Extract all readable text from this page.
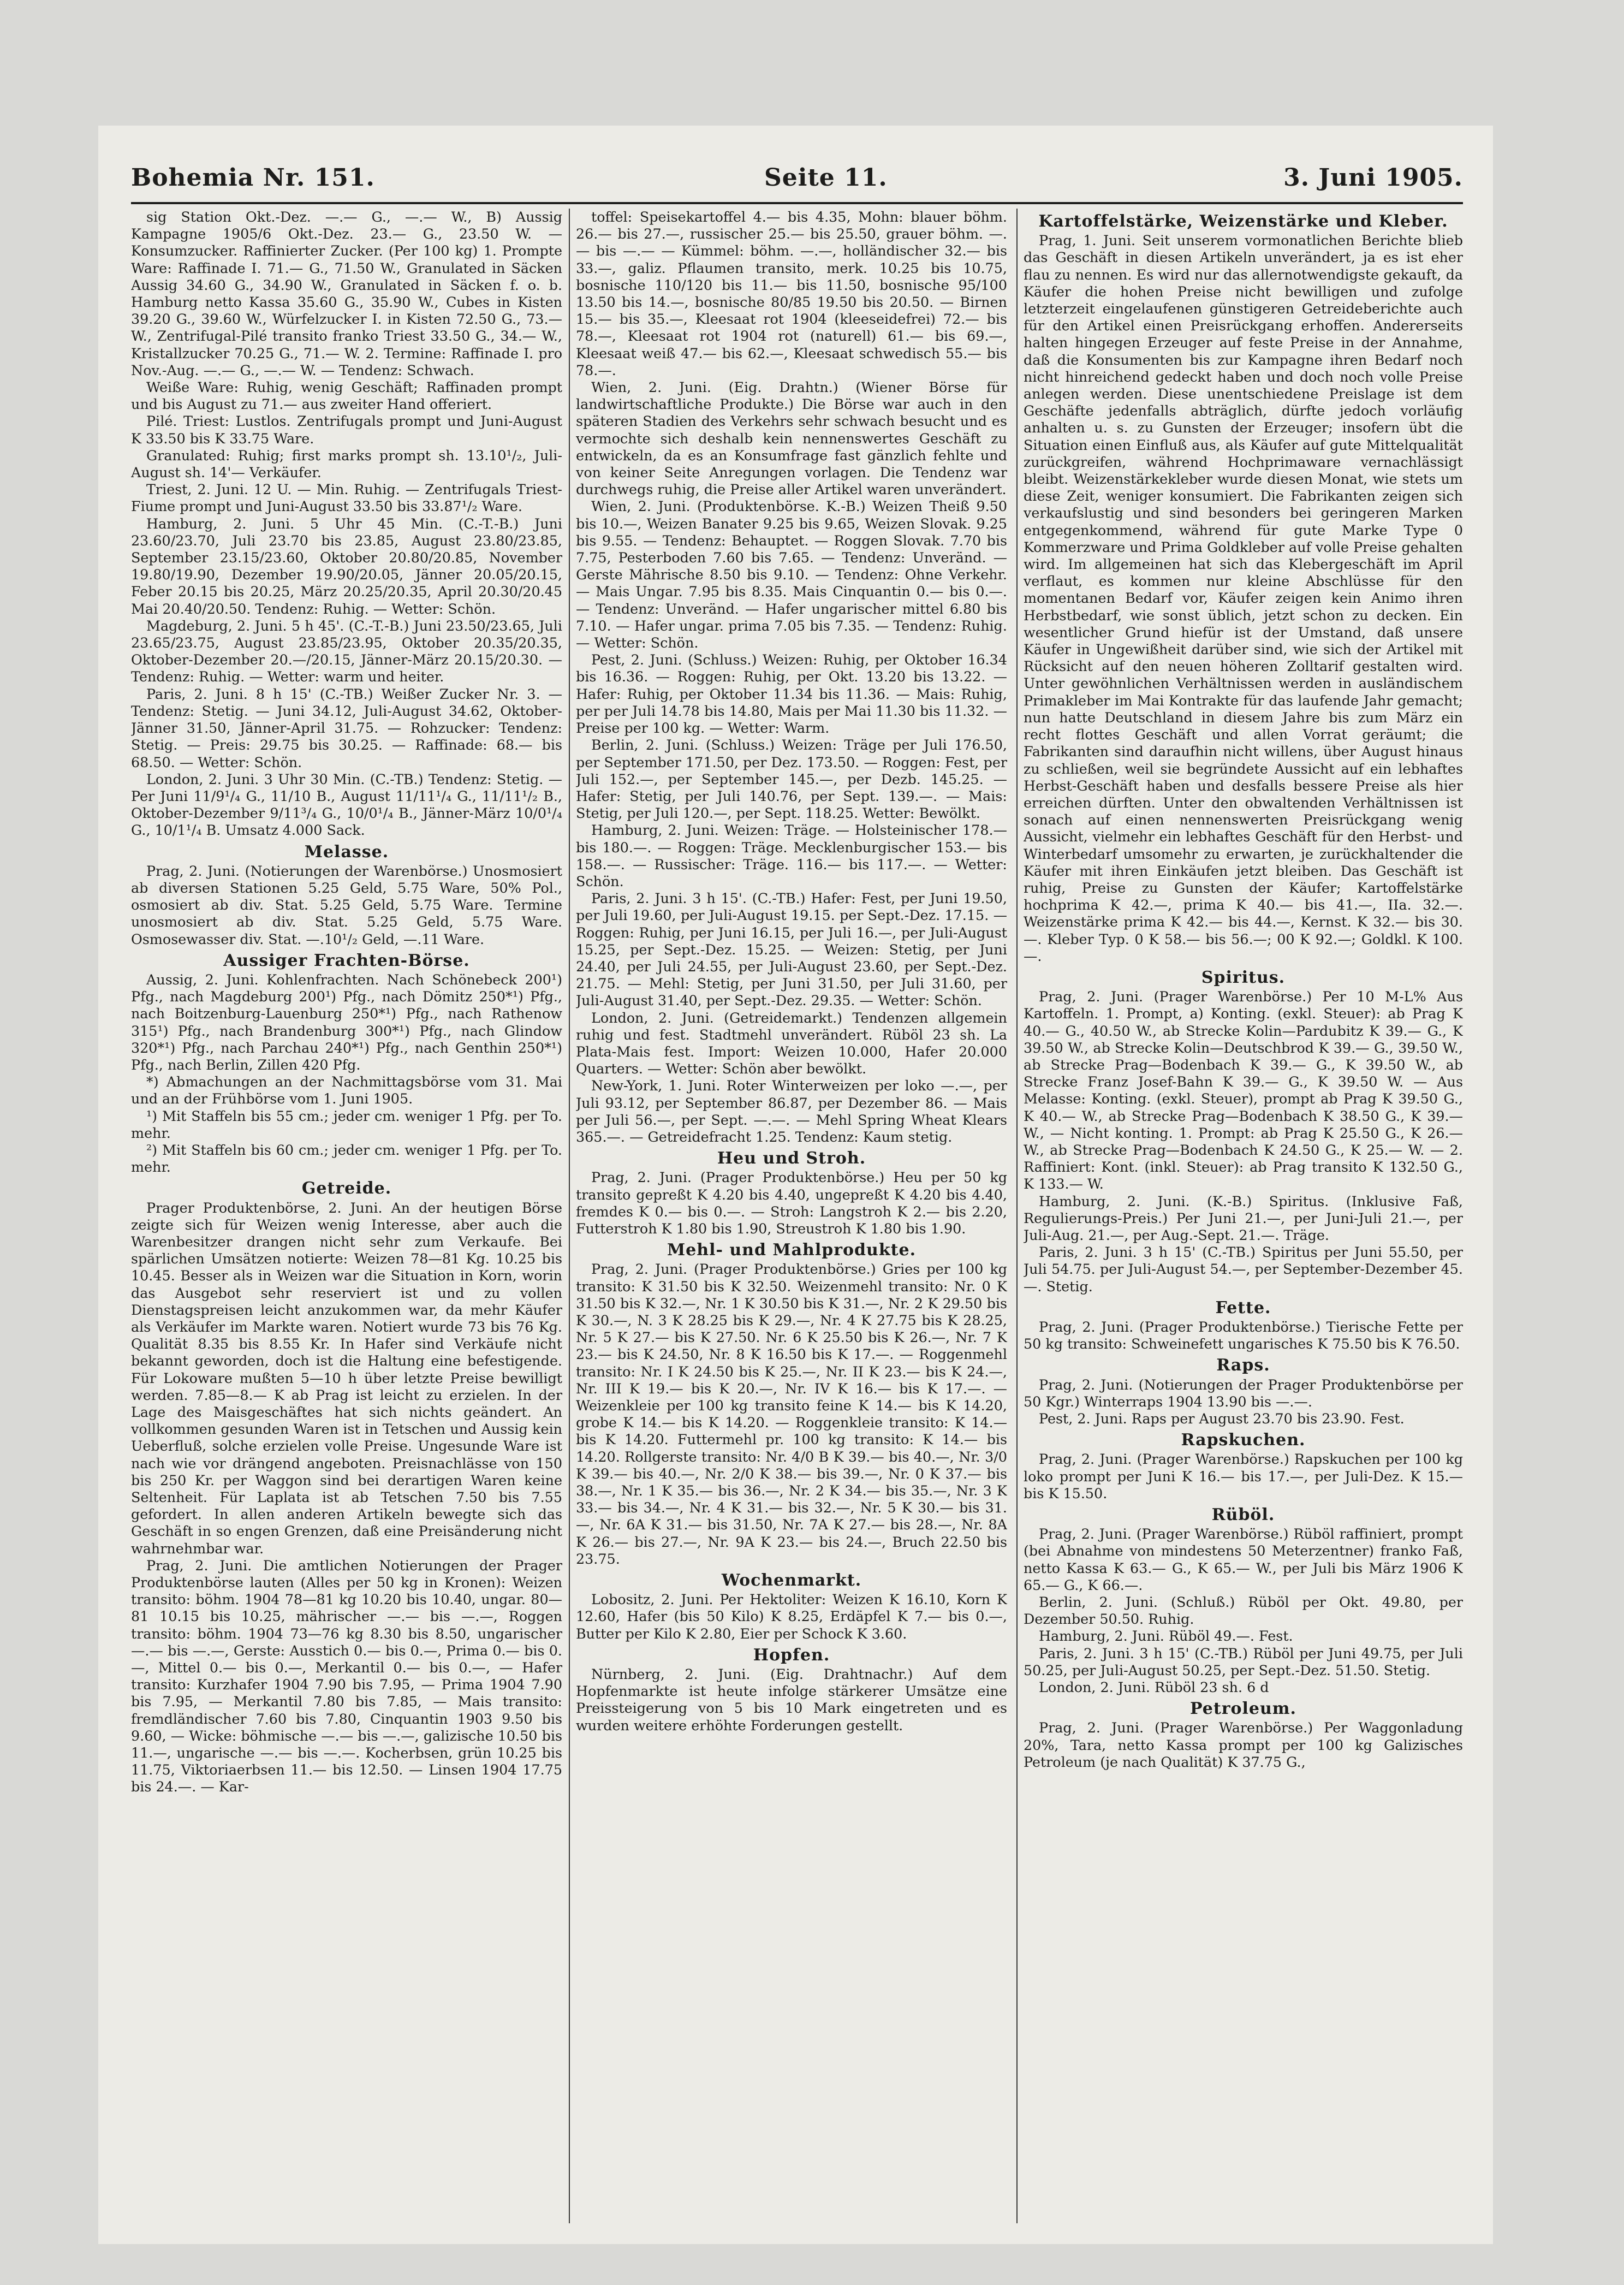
Bohemia Nr. 151.	Seite 11.	3. Juni 1905.

sig Station Okt.-Dez. —.— G., —.— W., B) Aussig Kampagne 1905/6 Okt.-Dez. 23.— G., 23.50 W. — Konsumzucker. Raffinierter Zucker. (Per 100 kg) 1. Prompte Ware: Raffinade I. 71.— G., 71.50 W., Granulated in Säcken Aussig 34.60 G., 34.90 W., Granulated in Säcken f. o. b. Hamburg netto Kassa 35.60 G., 35.90 W., Cubes in Kisten 39.20 G., 39.60 W., Würfelzucker I. in Kisten 72.50 G., 73.— W., Zentrifugal-Pilé transito franko Triest 33.50 G., 34.— W., Kristallzucker 70.25 G., 71.— W. 2. Termine: Raffinade I. pro Nov.-Aug. —.— G., —.— W. — Tendenz: Schwach.

Weiße Ware: Ruhig, wenig Geschäft; Raffinaden prompt und bis August zu 71.— aus zweiter Hand offeriert.

Pilé. Triest: Lustlos. Zentrifugals prompt und Juni-August K 33.50 bis K 33.75 Ware.

Granulated: Ruhig; first marks prompt sh. 13.10¹/₂, Juli-August sh. 14'— Verkäufer.

Triest, 2. Juni. 12 U. — Min. Ruhig. — Zentrifugals Triest-Fiume prompt und Juni-August 33.50 bis 33.87¹/₂ Ware.

Hamburg, 2. Juni. 5 Uhr 45 Min. (C.-T.-B.) Juni 23.60/23.70, Juli 23.70 bis 23.85, August 23.80/23.85, September 23.15/23.60, Oktober 20.80/20.85, November 19.80/19.90, Dezember 19.90/20.05, Jänner 20.05/20.15, Feber 20.15 bis 20.25, März 20.25/20.35, April 20.30/20.45 Mai 20.40/20.50. Tendenz: Ruhig. — Wetter: Schön.

Magdeburg, 2. Juni. 5 h 45'. (C.-T.-B.) Juni 23.50/23.65, Juli 23.65/23.75, August 23.85/23.95, Oktober 20.35/20.35, Oktober-Dezember 20.—/20.15, Jänner-März 20.15/20.30. — Tendenz: Ruhig. — Wetter: warm und heiter.

Paris, 2. Juni. 8 h 15' (C.-TB.) Weißer Zucker Nr. 3. — Tendenz: Stetig. — Juni 34.12, Juli-August 34.62, Oktober-Jänner 31.50, Jänner-April 31.75. — Rohzucker: Tendenz: Stetig. — Preis: 29.75 bis 30.25. — Raffinade: 68.— bis 68.50. — Wetter: Schön.

London, 2. Juni. 3 Uhr 30 Min. (C.-TB.) Tendenz: Stetig. — Per Juni 11/9¹/₄ G., 11/10 B., August 11/11¹/₄ G., 11/11¹/₂ B., Oktober-Dezember 9/11³/₄ G., 10/0¹/₄ B., Jänner-März 10/0¹/₄ G., 10/1¹/₄ B. Umsatz 4.000 Sack.

Melasse.

Prag, 2. Juni. (Notierungen der Warenbörse.) Unosmosiert ab diversen Stationen 5.25 Geld, 5.75 Ware, 50% Pol., osmosiert ab div. Stat. 5.25 Geld, 5.75 Ware. Termine unosmosiert ab div. Stat. 5.25 Geld, 5.75 Ware. Osmosewasser div. Stat. —.10¹/₂ Geld, —.11 Ware.

Aussiger Frachten-Börse.

Aussig, 2. Juni. Kohlenfrachten. Nach Schönebeck 200¹) Pfg., nach Magdeburg 200¹) Pfg., nach Dömitz 250*¹) Pfg., nach Boitzenburg-Lauenburg 250*¹) Pfg., nach Rathenow 315¹) Pfg., nach Brandenburg 300*¹) Pfg., nach Glindow 320*¹) Pfg., nach Parchau 240*¹) Pfg., nach Genthin 250*¹) Pfg., nach Berlin, Zillen 420 Pfg.

*) Abmachungen an der Nachmittagsbörse vom 31. Mai und an der Frühbörse vom 1. Juni 1905.

¹) Mit Staffeln bis 55 cm.; jeder cm. weniger 1 Pfg. per To. mehr.

²) Mit Staffeln bis 60 cm.; jeder cm. weniger 1 Pfg. per To. mehr.

Getreide.

Prager Produktenbörse, 2. Juni. An der heutigen Börse zeigte sich für Weizen wenig Interesse, aber auch die Warenbesitzer drangen nicht sehr zum Verkaufe. Bei spärlichen Umsätzen notierte: Weizen 78—81 Kg. 10.25 bis 10.45. Besser als in Weizen war die Situation in Korn, worin das Ausgebot sehr reserviert ist und zu vollen Dienstagspreisen leicht anzukommen war, da mehr Käufer als Verkäufer im Markte waren. Notiert wurde 73 bis 76 Kg. Qualität 8.35 bis 8.55 Kr. In Hafer sind Verkäufe nicht bekannt geworden, doch ist die Haltung eine befestigende. Für Lokoware mußten 5—10 h über letzte Preise bewilligt werden. 7.85—8.— K ab Prag ist leicht zu erzielen. In der Lage des Maisgeschäftes hat sich nichts geändert. An vollkommen gesunden Waren ist in Tetschen und Aussig kein Ueberfluß, solche erzielen volle Preise. Ungesunde Ware ist nach wie vor drängend angeboten. Preisnachlässe von 150 bis 250 Kr. per Waggon sind bei derartigen Waren keine Seltenheit. Für Laplata ist ab Tetschen 7.50 bis 7.55 gefordert. In allen anderen Artikeln bewegte sich das Geschäft in so engen Grenzen, daß eine Preisänderung nicht wahrnehmbar war.

Prag, 2. Juni. Die amtlichen Notierungen der Prager Produktenbörse lauten (Alles per 50 kg in Kronen): Weizen transito: böhm. 1904 78—81 kg 10.20 bis 10.40, ungar. 80—81 10.15 bis 10.25, mährischer —.— bis —.—, Roggen transito: böhm. 1904 73—76 kg 8.30 bis 8.50, ungarischer —.— bis —.—, Gerste: Ausstich 0.— bis 0.—, Prima 0.— bis 0.—, Mittel 0.— bis 0.—, Merkantil 0.— bis 0.—, — Hafer transito: Kurzhafer 1904 7.90 bis 7.95, — Prima 1904 7.90 bis 7.95, — Merkantil 7.80 bis 7.85, — Mais transito: fremdländischer 7.60 bis 7.80, Cinquantin 1903 9.50 bis 9.60, — Wicke: böhmische —.— bis —.—, galizische 10.50 bis 11.—, ungarische —.— bis —.—. Kocherbsen, grün 10.25 bis 11.75, Viktoriaerbsen 11.— bis 12.50. — Linsen 1904 17.75 bis 24.—. — Kar-

toffel: Speisekartoffel 4.— bis 4.35, Mohn: blauer böhm. 26.— bis 27.—, russischer 25.— bis 25.50, grauer böhm. —.— bis —.— — Kümmel: böhm. —.—, holländischer 32.— bis 33.—, galiz. Pflaumen transito, merk. 10.25 bis 10.75, bosnische 110/120 bis 11.— bis 11.50, bosnische 95/100 13.50 bis 14.—, bosnische 80/85 19.50 bis 20.50. — Birnen 15.— bis 35.—, Kleesaat rot 1904 (kleeseidefrei) 72.— bis 78.—, Kleesaat rot 1904 rot (naturell) 61.— bis 69.—, Kleesaat weiß 47.— bis 62.—, Kleesaat schwedisch 55.— bis 78.—.

Wien, 2. Juni. (Eig. Drahtn.) (Wiener Börse für landwirtschaftliche Produkte.) Die Börse war auch in den späteren Stadien des Verkehrs sehr schwach besucht und es vermochte sich deshalb kein nennenswertes Geschäft zu entwickeln, da es an Konsumfrage fast gänzlich fehlte und von keiner Seite Anregungen vorlagen. Die Tendenz war durchwegs ruhig, die Preise aller Artikel waren unverändert.

Wien, 2. Juni. (Produktenbörse. K.-B.) Weizen Theiß 9.50 bis 10.—, Weizen Banater 9.25 bis 9.65, Weizen Slovak. 9.25 bis 9.55. — Tendenz: Behauptet. — Roggen Slovak. 7.70 bis 7.75, Pesterboden 7.60 bis 7.65. — Tendenz: Unveränd. — Gerste Mährische 8.50 bis 9.10. — Tendenz: Ohne Verkehr. — Mais Ungar. 7.95 bis 8.35. Mais Cinquantin 0.— bis 0.—. — Tendenz: Unveränd. — Hafer ungarischer mittel 6.80 bis 7.10. — Hafer ungar. prima 7.05 bis 7.35. — Tendenz: Ruhig. — Wetter: Schön.

Pest, 2. Juni. (Schluss.) Weizen: Ruhig, per Oktober 16.34 bis 16.36. — Roggen: Ruhig, per Okt. 13.20 bis 13.22. — Hafer: Ruhig, per Oktober 11.34 bis 11.36. — Mais: Ruhig, per per Juli 14.78 bis 14.80, Mais per Mai 11.30 bis 11.32. — Preise per 100 kg. — Wetter: Warm.

Berlin, 2. Juni. (Schluss.) Weizen: Träge per Juli 176.50, per September 171.50, per Dez. 173.50. — Roggen: Fest, per Juli 152.—, per September 145.—, per Dezb. 145.25. — Hafer: Stetig, per Juli 140.76, per Sept. 139.—. — Mais: Stetig, per Juli 120.—, per Sept. 118.25. Wetter: Bewölkt.

Hamburg, 2. Juni. Weizen: Träge. — Holsteinischer 178.— bis 180.—. — Roggen: Träge. Mecklenburgischer 153.— bis 158.—. — Russischer: Träge. 116.— bis 117.—. — Wetter: Schön.

Paris, 2. Juni. 3 h 15'. (C.-TB.) Hafer: Fest, per Juni 19.50, per Juli 19.60, per Juli-August 19.15. per Sept.-Dez. 17.15. — Roggen: Ruhig, per Juni 16.15, per Juli 16.—, per Juli-August 15.25, per Sept.-Dez. 15.25. — Weizen: Stetig, per Juni 24.40, per Juli 24.55, per Juli-August 23.60, per Sept.-Dez. 21.75. — Mehl: Stetig, per Juni 31.50, per Juli 31.60, per Juli-August 31.40, per Sept.-Dez. 29.35. — Wetter: Schön.

London, 2. Juni. (Getreidemarkt.) Tendenzen allgemein ruhig und fest. Stadtmehl unverändert. Rüböl 23 sh. La Plata-Mais fest. Import: Weizen 10.000, Hafer 20.000 Quarters. — Wetter: Schön aber bewölkt.

New-York, 1. Juni. Roter Winterweizen per loko —.—, per Juli 93.12, per September 86.87, per Dezember 86. — Mais per Juli 56.—, per Sept. —.—. — Mehl Spring Wheat Klears 365.—. — Getreidefracht 1.25. Tendenz: Kaum stetig.

Heu und Stroh.

Prag, 2. Juni. (Prager Produktenbörse.) Heu per 50 kg transito gepreßt K 4.20 bis 4.40, ungepreßt K 4.20 bis 4.40, fremdes K 0.— bis 0.—. — Stroh: Langstroh K 2.— bis 2.20, Futterstroh K 1.80 bis 1.90, Streustroh K 1.80 bis 1.90.

Mehl- und Mahlprodukte.

Prag, 2. Juni. (Prager Produktenbörse.) Gries per 100 kg transito: K 31.50 bis K 32.50. Weizenmehl transito: Nr. 0 K 31.50 bis K 32.—, Nr. 1 K 30.50 bis K 31.—, Nr. 2 K 29.50 bis K 30.—, N. 3 K 28.25 bis K 29.—, Nr. 4 K 27.75 bis K 28.25, Nr. 5 K 27.— bis K 27.50. Nr. 6 K 25.50 bis K 26.—, Nr. 7 K 23.— bis K 24.50, Nr. 8 K 16.50 bis K 17.—. — Roggenmehl transito: Nr. I K 24.50 bis K 25.—, Nr. II K 23.— bis K 24.—, Nr. III K 19.— bis K 20.—, Nr. IV K 16.— bis K 17.—. — Weizenkleie per 100 kg transito feine K 14.— bis K 14.20, grobe K 14.— bis K 14.20. — Roggenkleie transito: K 14.— bis K 14.20. Futtermehl pr. 100 kg transito: K 14.— bis 14.20. Rollgerste transito: Nr. 4/0 B K 39.— bis 40.—, Nr. 3/0 K 39.— bis 40.—, Nr. 2/0 K 38.— bis 39.—, Nr. 0 K 37.— bis 38.—, Nr. 1 K 35.— bis 36.—, Nr. 2 K 34.— bis 35.—, Nr. 3 K 33.— bis 34.—, Nr. 4 K 31.— bis 32.—, Nr. 5 K 30.— bis 31.—, Nr. 6A K 31.— bis 31.50, Nr. 7A K 27.— bis 28.—, Nr. 8A K 26.— bis 27.—, Nr. 9A K 23.— bis 24.—, Bruch 22.50 bis 23.75.

Wochenmarkt.

Lobositz, 2. Juni. Per Hektoliter: Weizen K 16.10, Korn K 12.60, Hafer (bis 50 Kilo) K 8.25, Erdäpfel K 7.— bis 0.—, Butter per Kilo K 2.80, Eier per Schock K 3.60.

Hopfen.

Nürnberg, 2. Juni. (Eig. Drahtnachr.) Auf dem Hopfenmarkte ist heute infolge stärkerer Umsätze eine Preissteigerung von 5 bis 10 Mark eingetreten und es wurden weitere erhöhte Forderungen gestellt.

Kartoffelstärke, Weizenstärke und Kleber.

Prag, 1. Juni. Seit unserem vormonatlichen Berichte blieb das Geschäft in diesen Artikeln unverändert, ja es ist eher flau zu nennen. Es wird nur das allernotwendigste gekauft, da Käufer die hohen Preise nicht bewilligen und zufolge letzterzeit eingelaufenen günstigeren Getreideberichte auch für den Artikel einen Preisrückgang erhoffen. Andererseits halten hingegen Erzeuger auf feste Preise in der Annahme, daß die Konsumenten bis zur Kampagne ihren Bedarf noch nicht hinreichend gedeckt haben und doch noch volle Preise anlegen werden. Diese unentschiedene Preislage ist dem Geschäfte jedenfalls abträglich, dürfte jedoch vorläufig anhalten u. s. zu Gunsten der Erzeuger; insofern übt die Situation einen Einfluß aus, als Käufer auf gute Mittelqualität zurückgreifen, während Hochprimaware vernachlässigt bleibt. Weizenstärkekleber wurde diesen Monat, wie stets um diese Zeit, weniger konsumiert. Die Fabrikanten zeigen sich verkaufslustig und sind besonders bei geringeren Marken entgegenkommend, während für gute Marke Type 0 Kommerzware und Prima Goldkleber auf volle Preise gehalten wird. Im allgemeinen hat sich das Klebergeschäft im April verflaut, es kommen nur kleine Abschlüsse für den momentanen Bedarf vor, Käufer zeigen kein Animo ihren Herbstbedarf, wie sonst üblich, jetzt schon zu decken. Ein wesentlicher Grund hiefür ist der Umstand, daß unsere Käufer in Ungewißheit darüber sind, wie sich der Artikel mit Rücksicht auf den neuen höheren Zolltarif gestalten wird. Unter gewöhnlichen Verhältnissen werden in ausländischem Primakleber im Mai Kontrakte für das laufende Jahr gemacht; nun hatte Deutschland in diesem Jahre bis zum März ein recht flottes Geschäft und allen Vorrat geräumt; die Fabrikanten sind daraufhin nicht willens, über August hinaus zu schließen, weil sie begründete Aussicht auf ein lebhaftes Herbst-Geschäft haben und desfalls bessere Preise als hier erreichen dürften. Unter den obwaltenden Verhältnissen ist sonach auf einen nennenswerten Preisrückgang wenig Aussicht, vielmehr ein lebhaftes Geschäft für den Herbst- und Winterbedarf umsomehr zu erwarten, je zurückhaltender die Käufer mit ihren Einkäufen jetzt bleiben. Das Geschäft ist ruhig, Preise zu Gunsten der Käufer; Kartoffelstärke hochprima K 42.—, prima K 40.— bis 41.—, IIa. 32.—. Weizenstärke prima K 42.— bis 44.—, Kernst. K 32.— bis 30.—. Kleber Typ. 0 K 58.— bis 56.—; 00 K 92.—; Goldkl. K 100.—.

Spiritus.

Prag, 2. Juni. (Prager Warenbörse.) Per 10 M-L% Aus Kartoffeln. 1. Prompt, a) Konting. (exkl. Steuer): ab Prag K 40.— G., 40.50 W., ab Strecke Kolin—Pardubitz K 39.— G., K 39.50 W., ab Strecke Kolin—Deutschbrod K 39.— G., 39.50 W., ab Strecke Prag—Bodenbach K 39.— G., K 39.50 W., ab Strecke Franz Josef-Bahn K 39.— G., K 39.50 W. — Aus Melasse: Konting. (exkl. Steuer), prompt ab Prag K 39.50 G., K 40.— W., ab Strecke Prag—Bodenbach K 38.50 G., K 39.— W., — Nicht konting. 1. Prompt: ab Prag K 25.50 G., K 26.— W., ab Strecke Prag—Bodenbach K 24.50 G., K 25.— W. — 2. Raffiniert: Kont. (inkl. Steuer): ab Prag transito K 132.50 G., K 133.— W.

Hamburg, 2. Juni. (K.-B.) Spiritus. (Inklusive Faß, Regulierungs-Preis.) Per Juni 21.—, per Juni-Juli 21.—, per Juli-Aug. 21.—, per Aug.-Sept. 21.—. Träge.

Paris, 2. Juni. 3 h 15' (C.-TB.) Spiritus per Juni 55.50, per Juli 54.75. per Juli-August 54.—, per September-Dezember 45.—. Stetig.

Fette.

Prag, 2. Juni. (Prager Produktenbörse.) Tierische Fette per 50 kg transito: Schweinefett ungarisches K 75.50 bis K 76.50.

Raps.

Prag, 2. Juni. (Notierungen der Prager Produktenbörse per 50 Kgr.) Winterraps 1904 13.90 bis —.—.

Pest, 2. Juni. Raps per August 23.70 bis 23.90. Fest.

Rapskuchen.

Prag, 2. Juni. (Prager Warenbörse.) Rapskuchen per 100 kg loko prompt per Juni K 16.— bis 17.—, per Juli-Dez. K 15.— bis K 15.50.

Rüböl.

Prag, 2. Juni. (Prager Warenbörse.) Rüböl raffiniert, prompt (bei Abnahme von mindestens 50 Meterzentner) franko Faß, netto Kassa K 63.— G., K 65.— W., per Juli bis März 1906 K 65.— G., K 66.—.

Berlin, 2. Juni. (Schluß.) Rüböl per Okt. 49.80, per Dezember 50.50. Ruhig.

Hamburg, 2. Juni. Rüböl 49.—. Fest.

Paris, 2. Juni. 3 h 15' (C.-TB.) Rüböl per Juni 49.75, per Juli 50.25, per Juli-August 50.25, per Sept.-Dez. 51.50. Stetig.

London, 2. Juni. Rüböl 23 sh. 6 d

Petroleum.

Prag, 2. Juni. (Prager Warenbörse.) Per Waggonladung 20%, Tara, netto Kassa prompt per 100 kg Galizisches Petroleum (je nach Qualität) K 37.75 G.,
